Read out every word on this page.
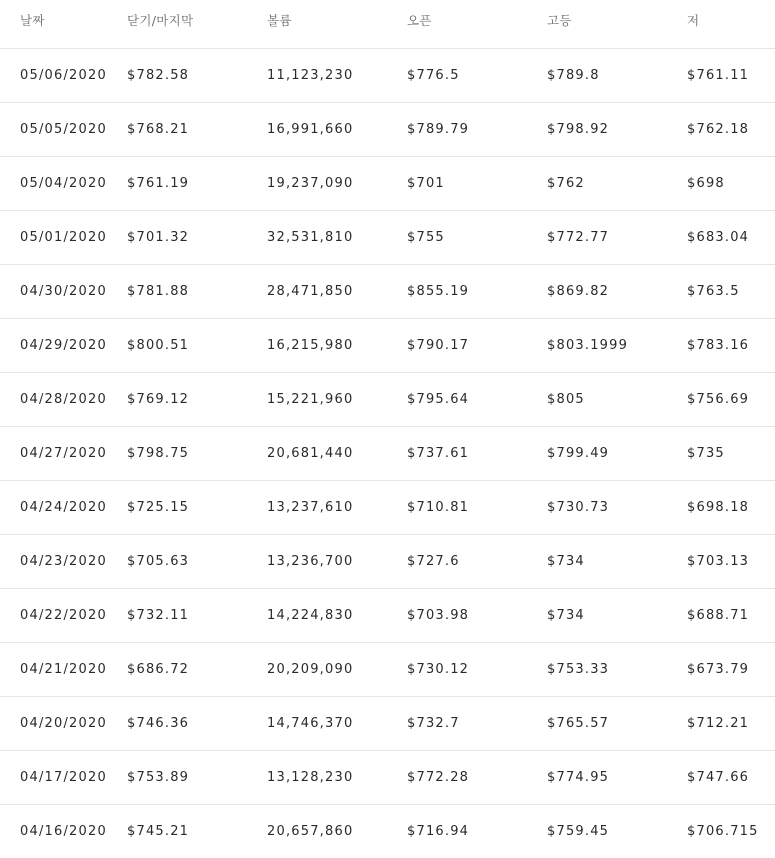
날짜	닫기/마지막	볼륨	오픈	고등	저
05/06/2020 $782.58	11,123,230	$776.5	$789.8	$761.11
05/05/2020 $768.21	16,991,660	$789.79	$798.92	$762.18
05/04/2020 $761.19	19,237,090	$701	$762	$698
05/01/2020 $701.32	32,531,810	$755	$772.77	$683.04
04/30/2020 $781.88	28,471,850	$855.19	$869.82	$763.5
04/29/2020 $800.51	16,215,980	$790.17	$803.1999	$783.16
04/28/2020 $769.12	15,221,960	$795.64	$805	$756.69
04/27/2020 $798.75	20,681,440	$737.61	$799.49	$735
04/24/2020 $725.15	13,237,610	$710.81	$730.73	$698.18
04/23/2020 $705.63	13,236,700	$727.6	$734	$703.13
04/22/2020 $732.11	14,224,830	$703.98	$734	$688.71
04/21/2020 $686.72	20,209,090	$730.12	$753.33	$673.79
04/20/2020 $746.36	14,746,370	$732.7	$765.57	$712.21
04/17/2020 $753.89	13,128,230	$772.28	$774.95	$747.66
04/16/2020 $745.21	20,657,860	$716.94	$759.45	$706.715
